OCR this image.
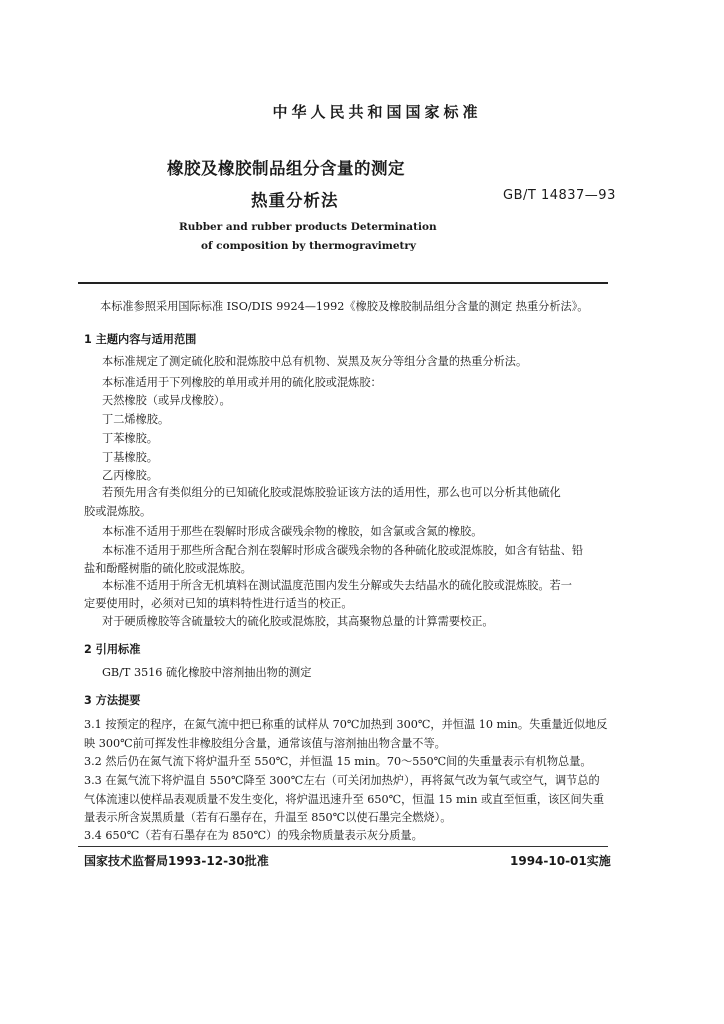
中华人民共和国国家标准
橡胶及橡胶制品组分含量的测定
热重分析法	GB/T 14837—93
Rubber and rubber products Determination
of composition by thermogravimetry
本标准参照采用国际标准 ISO/DIS 9924—1992《橡胶及橡胶制品组分含量的测定 热重分析法》。
1 主题内容与适用范围
本标准规定了测定硫化胶和混炼胶中总有机物、炭黑及灰分等组分含量的热重分析法。
本标准适用于下列橡胶的单用或并用的硫化胶或混炼胶：
天然橡胶（或异戊橡胶）。
丁二烯橡胶。
丁苯橡胶。
丁基橡胶。
乙丙橡胶。
若预先用含有类似组分的已知硫化胶或混炼胶验证该方法的适用性，那么也可以分析其他硫化
胶或混炼胶。
本标准不适用于那些在裂解时形成含碳残余物的橡胶，如含氯或含氮的橡胶。
本标准不适用于那些所含配合剂在裂解时形成含碳残余物的各种硫化胶或混炼胶，如含有钴盐、铅
盐和酚醛树脂的硫化胶或混炼胶。
本标准不适用于所含无机填料在测试温度范围内发生分解或失去结晶水的硫化胶或混炼胶。若一
定要使用时，必须对已知的填料特性进行适当的校正。
对于硬质橡胶等含硫量较大的硫化胶或混炼胶，其高聚物总量的计算需要校正。
2 引用标准
GB/T 3516 硫化橡胶中溶剂抽出物的测定
3 方法提要
3.1 按预定的程序，在氮气流中把已称重的试样从 70℃加热到 300℃，并恒温 10 min。失重量近似地反
映 300℃前可挥发性非橡胶组分含量，通常该值与溶剂抽出物含量不等。
3.2 然后仍在氮气流下将炉温升至 550℃，并恒温 15 min。70～550℃间的失重量表示有机物总量。
3.3 在氮气流下将炉温自 550℃降至 300℃左右（可关闭加热炉），再将氮气改为氧气或空气，调节总的
气体流速以使样品表观质量不发生变化，将炉温迅速升至 650℃，恒温 15 min 或直至恒重，该区间失重
量表示所含炭黑质量（若有石墨存在，升温至 850℃以使石墨完全燃烧）。
3.4 650℃（若有石墨存在为 850℃）的残余物质量表示灰分质量。
国家技术监督局1993-12-30批准	1994-10-01实施
